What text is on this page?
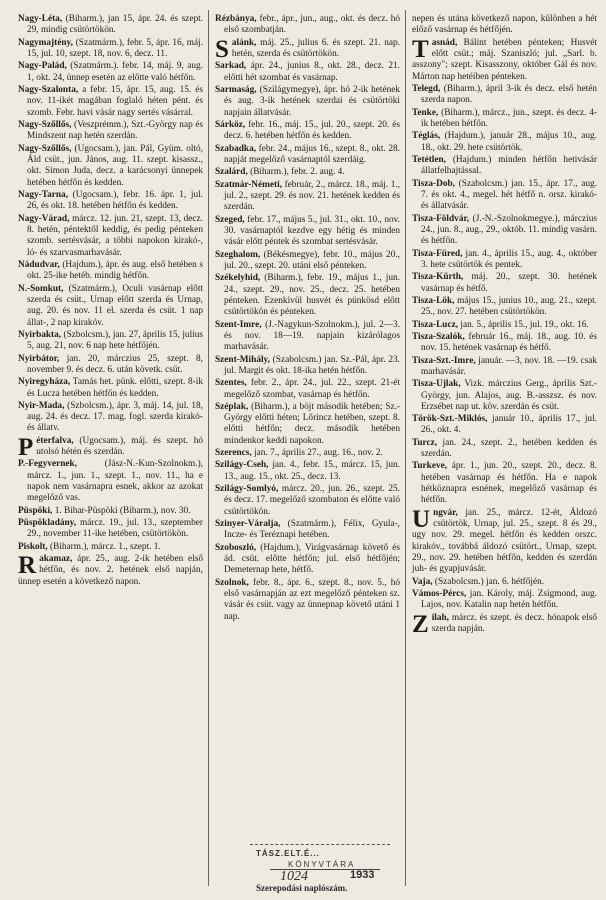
Nagy-Léta, (Biharm.), jan 15, ápr. 24. és szept. 29, mindig csütörtökön.

Nagymajtény, (Szatmárm.), febr. 5, ápr. 16, máj. 15, jul. 10, szept. 18, nov. 6, decz. 11.

Nagy-Palád, (Szatmárm.). febr. 14, máj. 9, aug. 1, okt. 24, ünnep esetén az előtte való hétfőn.

Nagy-Szalonta, a febr. 15, ápr. 15, aug. 15. és nov. 11-ikét magában foglaló héten pént. és szomb. Febr. havi vásár nagy sertés vásárral.

Nagy-Szőllős, (Veszprémm.), Szt.-György nap és Mindszent nap hetén szerdán.

Nagy-Szőllős, (Ugocsam.), jan. Pál, Gyüm. oltó, Áld csüt., jun. János, aug. 11. szept. kisassz., okt. Simon Juda, decz. a karácsonyi ünnepek hetében hétfőn és kedden.

Nagy-Tarna, (Ugocsam.), febr. 16. ápr. 1, jul. 26, és okt. 18. hetében hétfőn és kedden.

Nagy-Várad, márcz. 12. jun. 21, szept. 13, decz. 8. hetén, péntektől keddig, és pedig pénteken szomb. sertésvásár, a többi napokon kirakó-, ló- és szarvasmarhavásár.

Nádudvar, (Hajdum.), ápr. és aug. első hetében s okt. 25-ike hetéb. mindig hétfőn.

N.-Somkut, (Szatmárm.), Oculi vasárnap előtt szerda és csüt., Urnap előtt szerda és Urnap, aug. 20. és nov. 11 el. szerda és csüt. 1 nap állat-, 2 nap kirakóv.

Nyirbakta, (Szbolcsm.), jan. 27, április 15, julius 5, aug. 21, nov. 6 nap hete hétfőjén.

Nyirbátor, jan. 20, márczius 25, szept. 8, november 9. és decz. 6. után követk. csüt.

Nyiregyháza, Tamás het. pünk. előtti, szept. 8-ik és Lucza hetében hétfőn és kedden.

Nyir-Mada, (Szbolcsm.), ápr. 3, máj. 14, jul. 18, aug. 24. és decz. 17. mag. fogl. szerda kirakó- és állatv.

Péterfalva, (Ugocsam.), máj. és szept. hó utolsó hétén és szerdán.

P.-Fegyvernek, (Jász-N.-Kun-Szolnokm.), márcz. 1., jun. 1., szept. 1., nov. 11., ha e napok nem vasárnapra esnek, akkor az azokat megelőző vas.

Püspöki, 1. Bihar-Püspöki (Biharm.), nov. 30.

Püspökladány, márcz. 19., jul. 13., szeptember 29., november 11-ike hetében, csütörtökön.

Piskolt, (Biharm.), márcz. 1., szept. 1.

Rakamaz, ápr. 25., aug. 2-ik hetében első hétfőn, és nov. 2. hetének első napján, ünnep esetén a következő napon.

Rézbánya, febr., ápr., jun., aug., okt. és decz. hó első szombatján.

Salánk, máj. 25., julius 6. és szept. 21. nap. hetén, szerda és csütörtökön.

Sarkad, ápr. 24., junius 8., okt. 28., decz. 21. előtti hét szombat és vasárnap.

Sarmaság, (Szilágymegye), ápr. hó 2-ik hetének és aug. 3-ik hetének szerdai és csütörtöki napjain állatvásár.

Sárköz, febr. 16., máj. 15., jul. 20., szept. 20. és decz. 6. hetében hétfőn és kedden.

Szabadka, febr. 24., május 16., szept. 8., okt. 28. napját megelőző vasárnaptól szerdáig.

Szalárd, (Biharm.), febr. 2. aug. 4.

Szatmár-Németi, február, 2., márcz. 18., máj. 1., jul. 2., szept. 29. és nov. 21. hetének kedden és szerdán.

Szeged, febr. 17., május 5., jul. 31., okt. 10., nov. 30. vasárnaptól kezdve egy hétig és minden vásár előtt péntek és szombat sertésvásár.

Szeghalom, (Békésmegye), febr. 10., május 20., jul. 20., szept. 20. utáni első pénteken.

Székelyhid, (Biharm.), febr. 19., május 1., jun. 24., szept. 29., nov. 25., decz. 25. hetében pénteken. Ezenkivül husvét és pünkösd előtt csütörtökön és pénteken.

Szent-Imre, (J.-Nagykun-Szolnokm.), jul. 2—3. és nov. 18—19. napjain kizárólagos marhavásár.

Szent-Mihály, (Szabolcsm.) jan. Sz.-Pál, ápr. 23. jul. Margit és okt. 18-ika hetén hétfőn.

Szentes, febr. 2., ápr. 24., jul. 22., szept. 21-ét megelőző szombat, vasárnap és hétfőn.

Széplak, (Biharm.), a böjt második hetében; Sz.-György előtti héten; Lőrincz hetében, szept. 8. előtti hétfőn; decz. második hetében mindenkor keddi napokon.

Szerencs, jan. 7., április 27., aug. 16., nov. 2.

Szilágy-Cseh, jan. 4., febr. 15., márcz. 15, jun. 13., aug. 15., okt. 25., decz. 13.

Szilágy-Somlyó, márcz. 20., jun. 26., szept. 25. és decz. 17. megelőző szombaton és előtte való csütörtökön.

Szinyer-Váralja, (Szatmárm.), Félix, Gyula-, Incze- és Teréznapi hetében.

Szoboszló, (Hajdum.), Virágvasárnap követő és ád. csüt. előtte hétfőn; jul. első hétfőjén; Demeternap hete, hétfő.

Szolnok, febr. 8., ápr. 6., szept. 8., nov. 5., hó első vasárnapján az ezt megelőző pénteken sz. vásár és csüt. vagy az ünnepnap követő utáni 1 nap.

nepen és utána következő napon, különben a hét előző vasárnap és hétfőjén.

Tasnád, Bálint hetében pénteken; Husvét előtt csüt.; máj. Szaniszló; jul. „Sarl. b. asszony"; szept. Kisasszony, október Gál és nov. Márton nap hetéiben pénteken.

Telegd, (Biharm.), ápril 3-ik és decz. első hetén szerda napon.

Tenke, (Biharm.), márcz., jun., szept. és decz. 4-ik hetében hétfőn.

Téglás, (Hajdum.), január 28., május 10., aug. 18., okt. 29. hete csütörtök.

Tetétlen, (Hajdum.) minden hétfőn hetivásár állatfelhajtással.

Tisza-Dob, (Szabolcsm.) jan. 15., ápr. 17., aug. 7. és okt. 4., megel. hét hétfő n. orsz. kirakó- és állatvásár.

Tisza-Földvár, (J.-N.-Szolnokmegye.), márczius 24., jun. 8., aug., 29., októb. 11. mindig vasárn. és hétfőn.

Tisza-Füred, jan. 4., április 15., aug. 4., október 3. hete csütörtök és pentek.

Tisza-Kürth, máj. 20., szept. 30. hetének vasárnap és hétfő.

Tisza-Lök, május 15., junius 10., aug. 21., szept. 25., nov. 27. hetében csütörtökön.

Tisza-Lucz, jan. 5., április 15., jul. 19., okt. 16.

Tisza-Szalók, február 16., máj. 18., aug. 10. és nov. 15. hetének vasárnap és hétfő.

Tisza-Szt.-Imre, január. —3, nov. 18. —19. csak marhavásár.

Tisza-Ujlak, Vizk. márczius Gerg., április Szt.-György, jun. Alajos, aug. B.-asszsz. és nov. Erzsébet nap ut. köv. szerdán és csüt.

Török-Szt.-Miklós, január 10., április 17., jul. 26., okt. 4.

Turcz, jan. 24., szept. 2., hetében kedden és szerdán.

Turkeve, ápr. 1., jun. 20., szept. 20., decz. 8. hetében vasárnap és hétfőn. Ha e napok hétköznapra esnének, megelőző vasárnap és hétfőn.

Ungvár, jan. 25., márcz. 12-ét, Áldozó csütörtök, Urnap, jul. 25., szept. 8 és 29., ugy nov. 29. megel. hétfőn és kedden orszc. kirakóv., továbbá áldozó csütört., Urnap, szept. 29., nov. 29. hetében hétfőn, kedden és szerdán juh- és gyapjuvásár.

Vaja, (Szabolcsm.) jan. 6. hétfőjén.

Vámos-Pércs, jan. Károly, máj. Zsigmond, aug. Lajos, nov. Katalin nap hetén hétfőn.

Zilah, márcz. és szept. és decz. hónapok első szerda napján.

TÁSZ.ELT.É...
KÖNYVTÁRA
1024	1933
Szerepodási naplószám.
